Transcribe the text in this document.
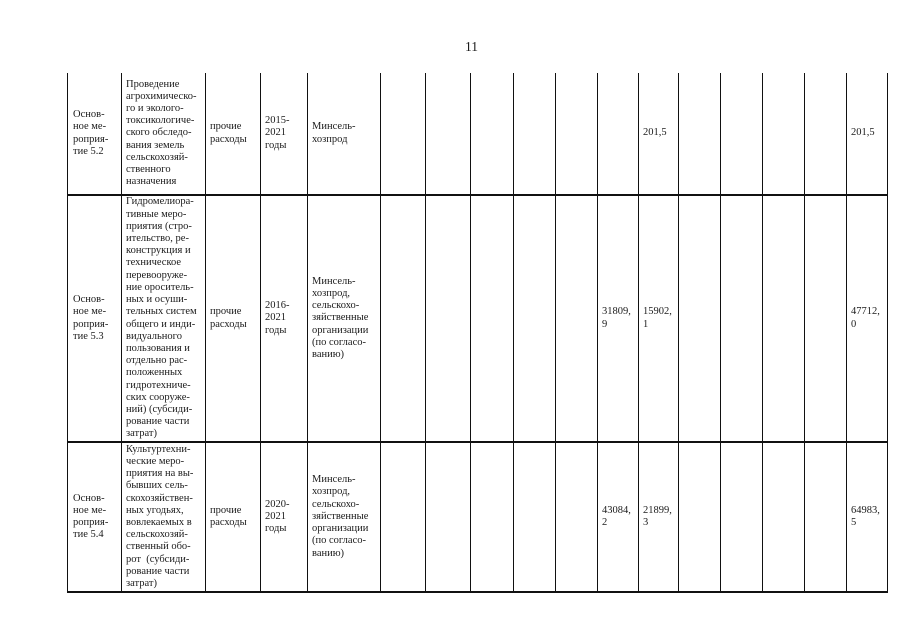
11
Основ-
ное ме-
роприя-
тие 5.2
Проведение
агрохимическо-
го и эколого-
токсикологиче-
ского обследо-
вания земель
сельскохозяй-
ственного
назначения
прочие
расходы
2015-
2021
годы
Минсель-
хозпрод
201,5	201,5
Основ-
ное ме-
роприя-
тие 5.3
Гидромелиора-
тивные меро-
приятия (стро-
ительство, ре-
конструкция и
техническое
перевооруже-
ние ороситель-
ных и осуши-
тельных систем
общего и инди-
видуального
пользования и
отдельно рас-
положенных
гидротехниче-
ских сооруже-
ний) (субсиди-
рование части
затрат)
прочие
расходы
2016-
2021
годы
Минсель-
хозпрод,
сельскохо-
зяйственные
организации
(по согласо-
ванию)
31809,
9
15902,
1
47712,
0
Основ-
ное ме-
роприя-
тие 5.4
Культуртехни-
ческие меро-
приятия на вы-
бывших сель-
скохозяйствен-
ных угодьях,
вовлекаемых в
сельскохозяй-
ственный обо-
рот  (субсиди-
рование части
затрат)
прочие
расходы
2020-
2021
годы
Минсель-
хозпрод,
сельскохо-
зяйственные
организации
(по согласо-
ванию)
43084,
2
21899,
3
64983,
5
